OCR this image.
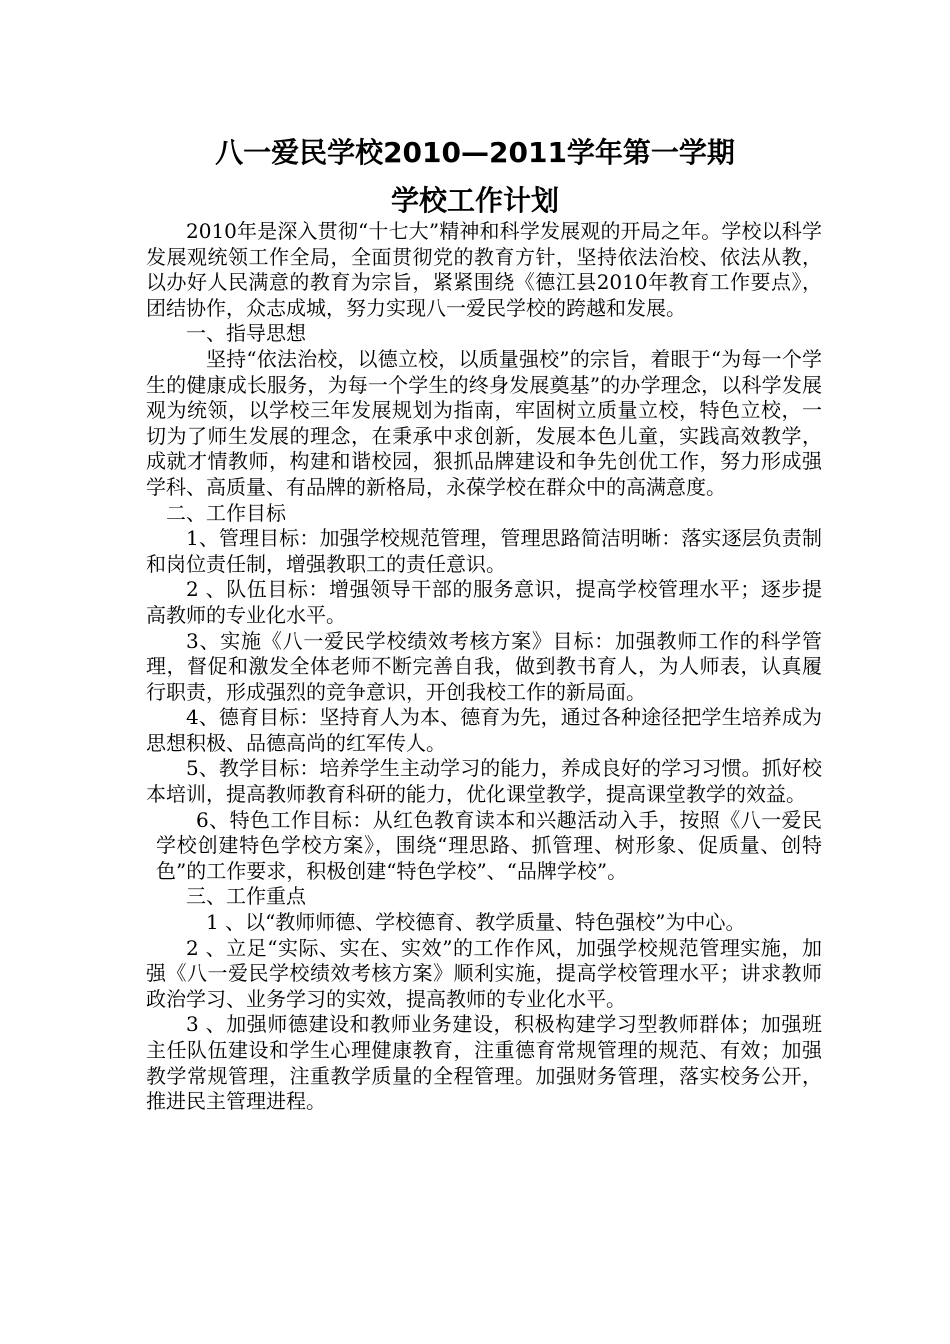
八一爱民学校2010—2011学年第一学期
学校工作计划

2010年是深入贯彻“十七大”精神和科学发展观的开局之年。学校以科学发展观统领工作全局，全面贯彻党的教育方针，坚持依法治校、依法从教，以办好人民满意的教育为宗旨，紧紧围绕《德江县2010年教育工作要点》，团结协作，众志成城，努力实现八一爱民学校的跨越和发展。

一、指导思想

坚持“依法治校，以德立校，以质量强校”的宗旨，着眼于“为每一个学生的健康成长服务，为每一个学生的终身发展奠基”的办学理念，以科学发展观为统领，以学校三年发展规划为指南，牢固树立质量立校，特色立校，一切为了师生发展的理念，在秉承中求创新，发展本色儿童，实践高效教学，成就才情教师，构建和谐校园，狠抓品牌建设和争先创优工作，努力形成强学科、高质量、有品牌的新格局，永葆学校在群众中的高满意度。

二、工作目标

1、管理目标：加强学校规范管理，管理思路简洁明晰：落实逐层负责制和岗位责任制，增强教职工的责任意识。

2 、队伍目标：增强领导干部的服务意识，提高学校管理水平；逐步提高教师的专业化水平。

3、实施《八一爱民学校绩效考核方案》目标：加强教师工作的科学管理，督促和激发全体老师不断完善自我，做到教书育人，为人师表，认真履行职责，形成强烈的竞争意识，开创我校工作的新局面。

4、德育目标：坚持育人为本、德育为先，通过各种途径把学生培养成为思想积极、品德高尚的红军传人。

5、教学目标：培养学生主动学习的能力，养成良好的学习习惯。抓好校本培训，提高教师教育科研的能力，优化课堂教学，提高课堂教学的效益。

6、特色工作目标：从红色教育读本和兴趣活动入手，按照《八一爱民学校创建特色学校方案》，围绕“理思路、抓管理、树形象、促质量、创特色”的工作要求，积极创建“特色学校”、“品牌学校”。

三、工作重点

1 、以“教师师德、学校德育、教学质量、特色强校”为中心。

2 、立足“实际、实在、实效”的工作作风，加强学校规范管理实施，加强《八一爱民学校绩效考核方案》顺利实施，提高学校管理水平；讲求教师政治学习、业务学习的实效，提高教师的专业化水平。

3 、加强师德建设和教师业务建设，积极构建学习型教师群体；加强班主任队伍建设和学生心理健康教育，注重德育常规管理的规范、有效；加强教学常规管理，注重教学质量的全程管理。加强财务管理，落实校务公开，推进民主管理进程。
